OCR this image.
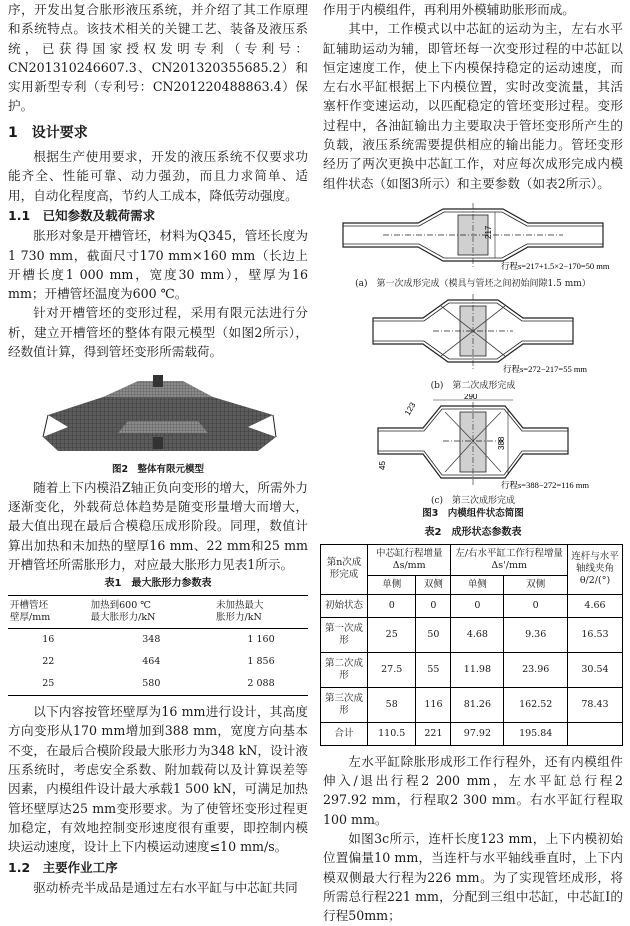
序，开发出复合胀形液压系统，并介绍了其工作原理和系统特点。该技术相关的关键工艺、装备及液压系统，已获得国家授权发明专利（专利号：CN201310246607.3、CN201320355685.2）和实用新型专利（专利号：CN201220488863.4）保护。

1　设计要求

根据生产使用要求，开发的液压系统不仅要求功能齐全、性能可靠、动力强劲，而且力求简单、适用，自动化程度高，节约人工成本，降低劳动强度。

1.1　已知参数及载荷需求

胀形对象是开槽管坯，材料为Q345，管坯长度为1 730 mm，截面尺寸170 mm×160 mm（长边上开槽长度1 000 mm，宽度30 mm），壁厚为16 mm；开槽管坯温度为600 ℃。

针对开槽管坯的变形过程，采用有限元法进行分析，建立开槽管坯的整体有限元模型（如图2所示），经数值计算，得到管坯变形所需载荷。

图2　整体有限元模型

随着上下内模沿Z轴正负向变形的增大，所需外力逐渐变化，外载荷总体趋势是随变形量增大而增大，最大值出现在最后合模稳压成形阶段。同理，数值计算出加热和未加热的壁厚16 mm、22 mm和25 mm开槽管坯所需胀形力，对应最大胀形力见表1所示。

表1　最大胀形力参数表
开槽管坯
壁厚/mm	加热到600 ℃
最大胀形力/kN	未加热最大
胀形力/kN
16	348	1 160
22	464	1 856
25	580	2 088

以下内容按管坯壁厚为16 mm进行设计，其高度方向变形从170 mm增加到388 mm，宽度方向基本不变，在最后合模阶段最大胀形力为348 kN，设计液压系统时，考虑安全系数、附加载荷以及计算误差等因素，内模组件设计最大承载1 500 kN，可满足加热管坯壁厚达25 mm变形要求。为了使管坯变形过程更加稳定，有效地控制变形速度很有重要，即控制内模块运动速度，设计上下内模运动速度≤10 mm/s。

1.2　主要作业工序

驱动桥壳半成品是通过左右水平缸与中芯缸共同

作用于内模组件，再利用外模辅助胀形而成。

其中，工作模式以中芯缸的运动为主，左右水平缸辅助运动为辅，即管坯每一次变形过程的中芯缸以恒定速度工作，使上下内模保持稳定的运动速度，而左右水平缸根据上下内模位置，实时改变流量，其活塞杆作变速运动，以匹配稳定的管坯变形过程。变形过程中，各油缸输出力主要取决于管坯变形所产生的负载，液压系统需要提供相应的输出能力。管坯变形经历了两次更换中芯缸工作，对应每次成形完成内模组件状态（如图3所示）和主要参数（如表2所示）。

217
行程s=217+1.5×2−170=50 mm
(a)　第一次成形完成（模具与管坯之间初始间隙1.5 mm）
行程s=272−217=55 mm
(b)　第二次成形完成
290
388
123
45
行程s=388−272=116 mm
(c)　第三次成形完成
图3　内模组件状态简图
表2　成形状态参数表
第n次成形完成	中芯缸行程增量Δs/mm		左/右水平缸工作行程增量Δs'/mm		连杆与水平轴线夹角θ/2/(°)
	单侧	双侧	单侧	双侧	
初始状态	0	0	0	0	4.66
第一次成形	25	50	4.68	9.36	16.53
第二次成形	27.5	55	11.98	23.96	30.54
第三次成形	58	116	81.26	162.52	78.43
合计	110.5	221	97.92	195.84	

左水平缸除胀形成形工作行程外，还有内模组件伸入/退出行程2 200 mm，左水平缸总行程2 297.92 mm，行程取2 300 mm。右水平缸行程取100 mm。

如图3c所示，连杆长度123 mm，上下内模初始位置偏量10 mm，当连杆与水平轴线垂直时，上下内模双侧最大行程为226 mm。为了实现管坯成形，将所需总行程221 mm，分配到三组中芯缸，中芯缸Ⅰ的行程50mm；
